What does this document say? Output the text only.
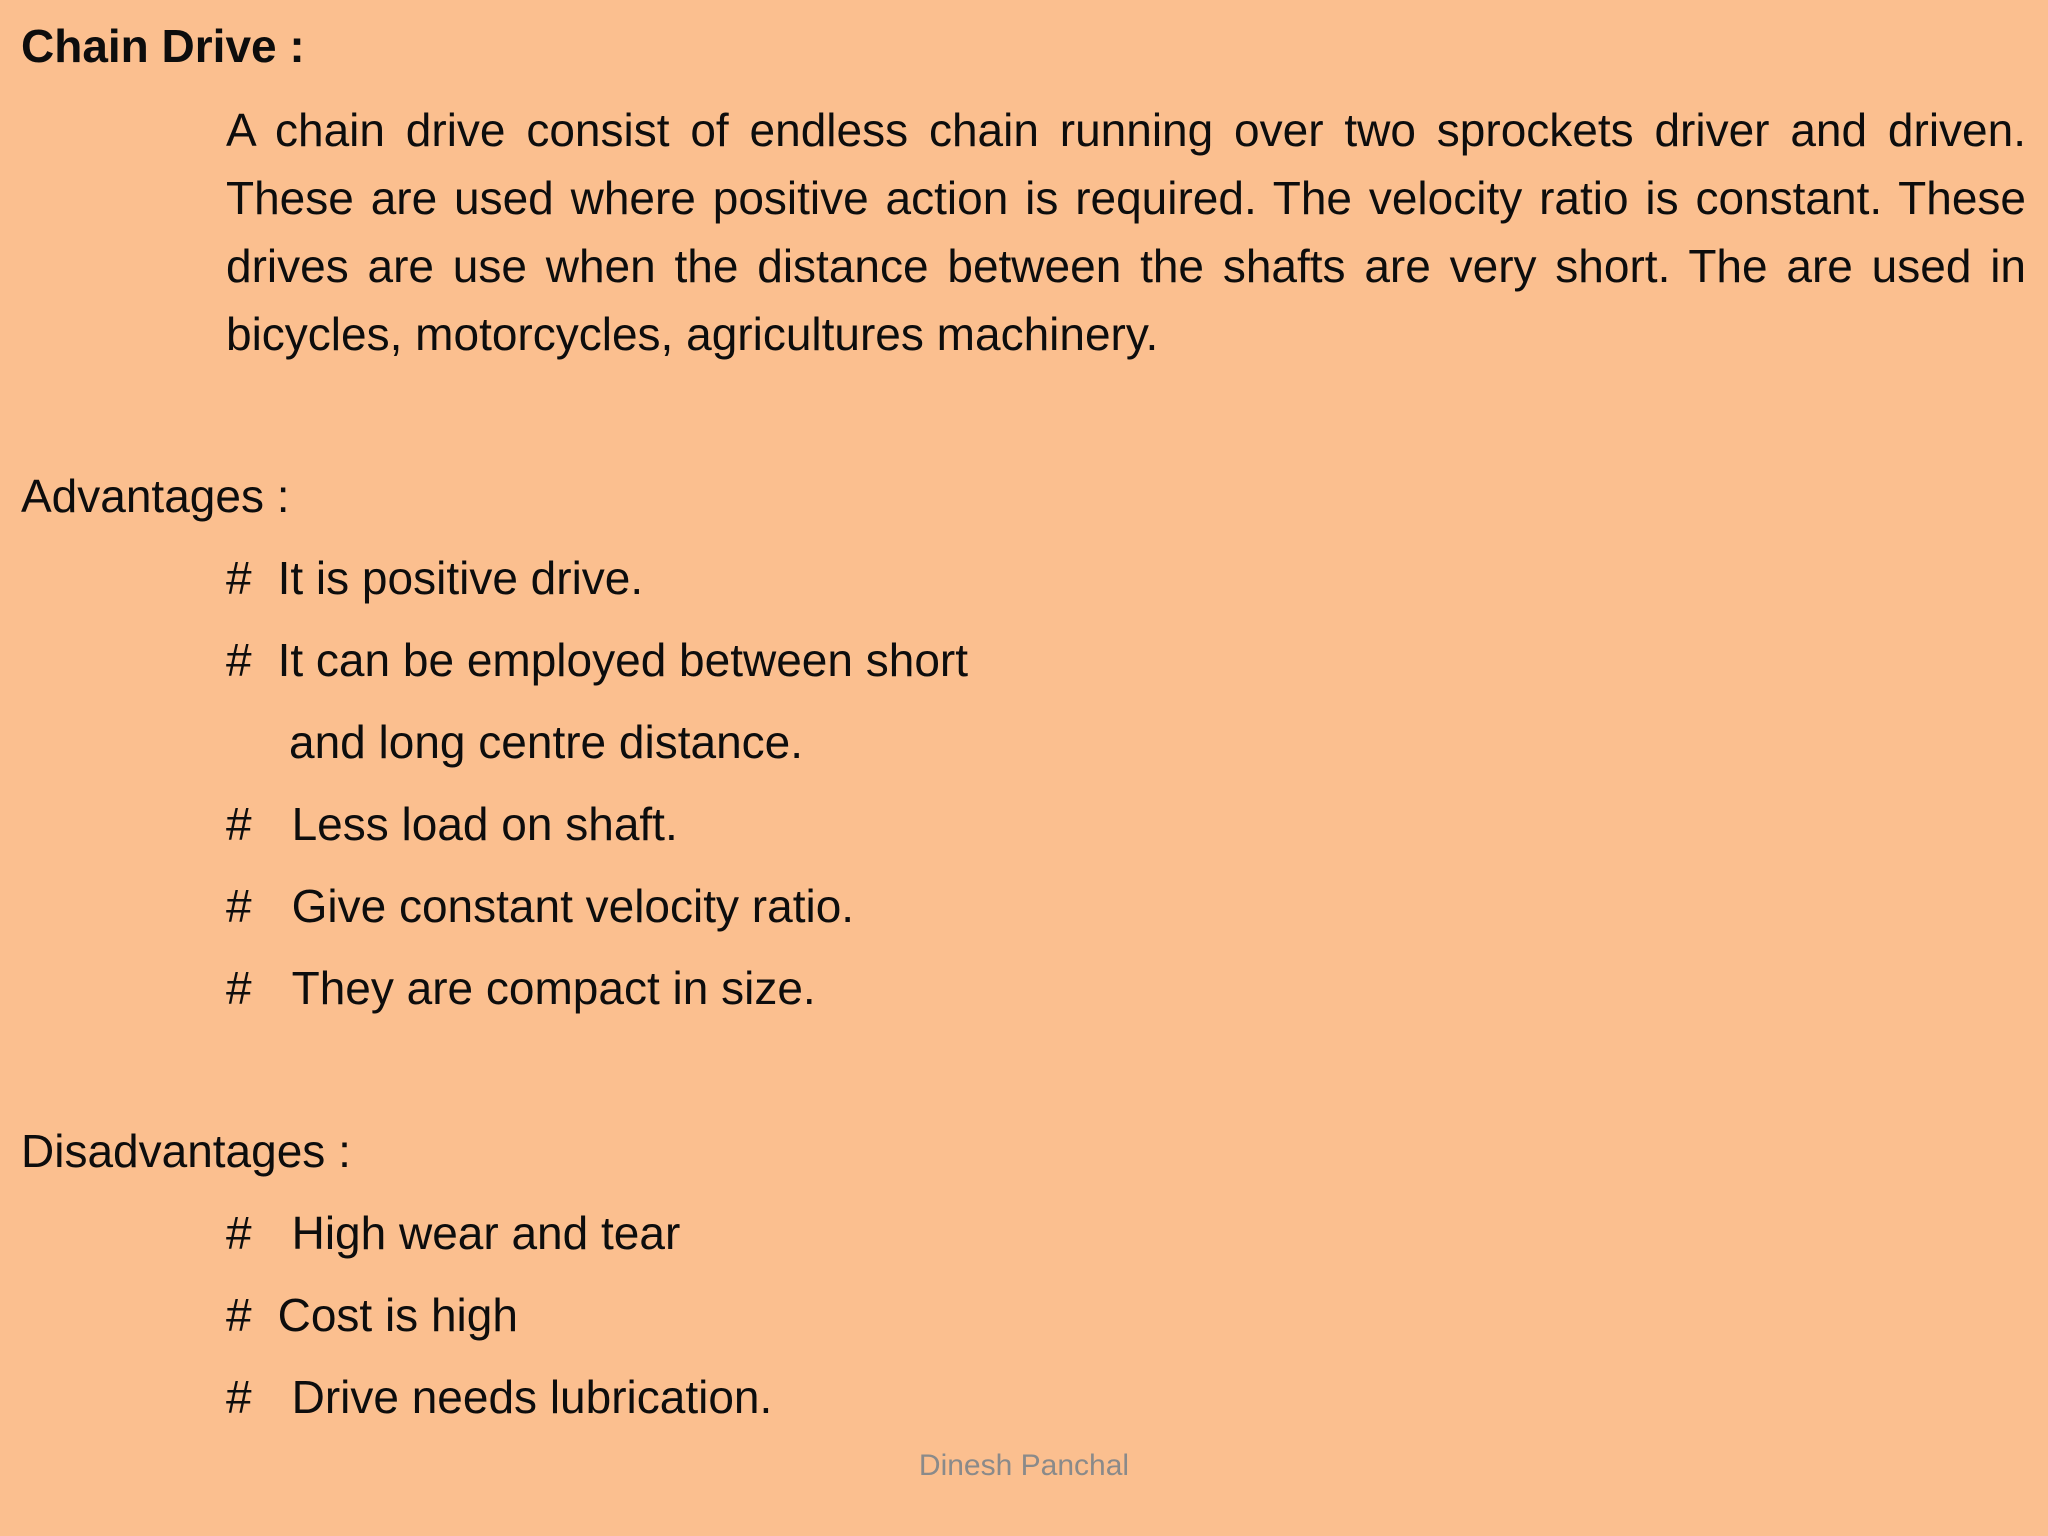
Chain Drive :
A chain drive consist of endless chain running over two sprockets driver and driven. These are used where positive action is required. The velocity ratio is constant. These drives are use when the distance between the shafts are very short. The are used in bicycles, motorcycles, agricultures machinery.
Advantages :
# It is positive drive.
# It can be employed between short
and long centre distance.
# Less load on shaft.
# Give constant velocity ratio.
# They are compact in size.
Disadvantages :
# High wear and tear
# Cost is high
# Drive needs lubrication.
Dinesh Panchal
